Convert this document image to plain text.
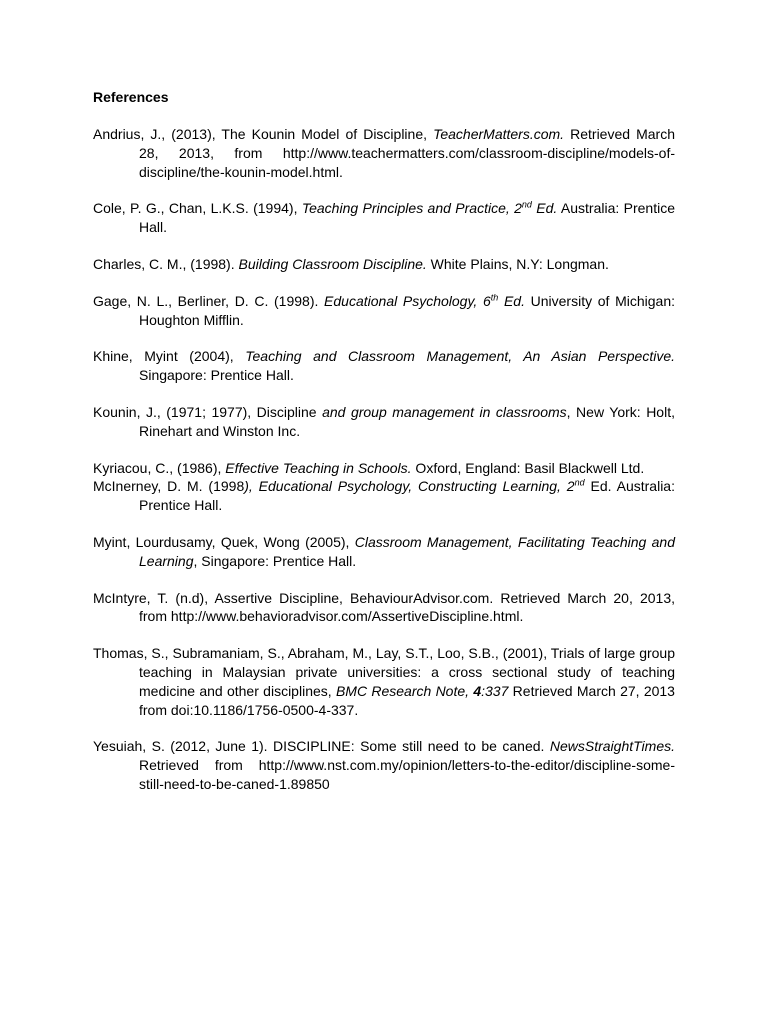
References

Andrius, J., (2013), The Kounin Model of Discipline, TeacherMatters.com. Retrieved March 28, 2013, from http://www.teachermatters.com/classroom-discipline/models-of-discipline/the-kounin-model.html.

Cole, P. G., Chan, L.K.S. (1994), Teaching Principles and Practice, 2nd Ed. Australia: Prentice Hall.

Charles, C. M., (1998). Building Classroom Discipline. White Plains, N.Y: Longman.

Gage, N. L., Berliner, D. C. (1998). Educational Psychology, 6th Ed. University of Michigan: Houghton Mifflin.

Khine, Myint (2004), Teaching and Classroom Management, An Asian Perspective. Singapore: Prentice Hall.

Kounin, J., (1971; 1977), Discipline and group management in classrooms, New York: Holt, Rinehart and Winston Inc.

Kyriacou, C., (1986), Effective Teaching in Schools. Oxford, England: Basil Blackwell Ltd.

McInerney, D. M. (1998), Educational Psychology, Constructing Learning, 2nd Ed. Australia: Prentice Hall.

Myint, Lourdusamy, Quek, Wong (2005), Classroom Management, Facilitating Teaching and Learning, Singapore: Prentice Hall.

McIntyre, T. (n.d), Assertive Discipline, BehaviourAdvisor.com. Retrieved March 20, 2013, from http://www.behavioradvisor.com/AssertiveDiscipline.html.

Thomas, S., Subramaniam, S., Abraham, M., Lay, S.T., Loo, S.B., (2001), Trials of large group teaching in Malaysian private universities: a cross sectional study of teaching medicine and other disciplines, BMC Research Note, 4:337 Retrieved March 27, 2013 from doi:10.1186/1756-0500-4-337.

Yesuiah, S. (2012, June 1). DISCIPLINE: Some still need to be caned. NewsStraightTimes. Retrieved from http://www.nst.com.my/opinion/letters-to-the-editor/discipline-some-still-need-to-be-caned-1.89850
